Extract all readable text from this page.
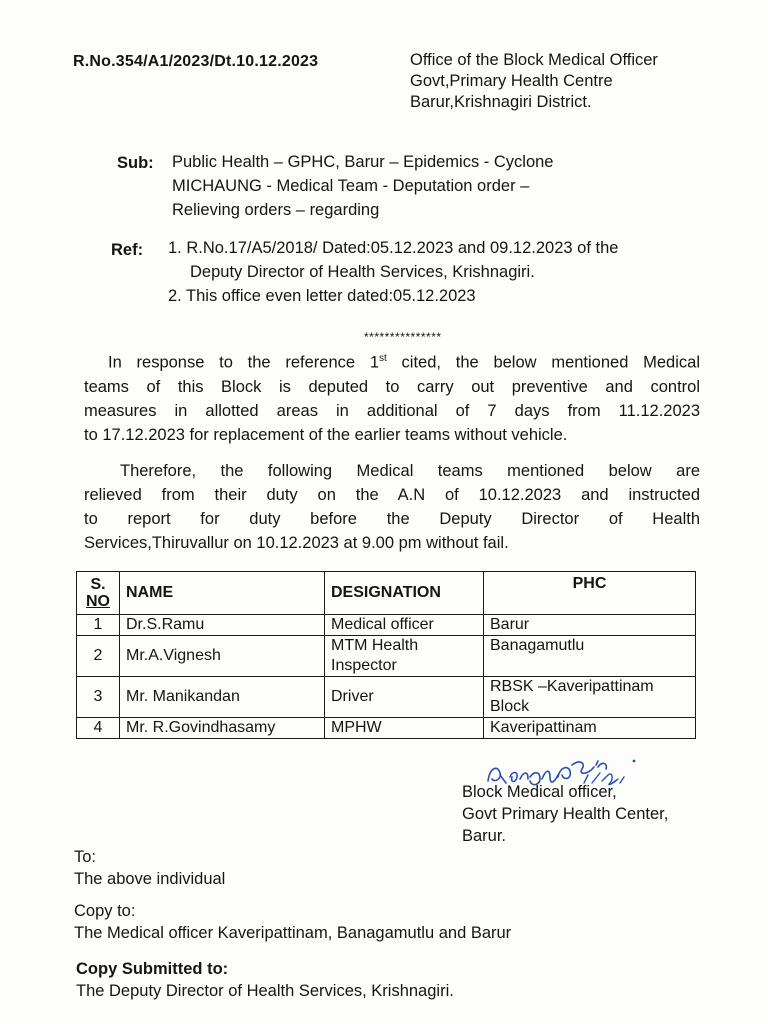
R.No.354/A1/2023/Dt.10.12.2023	Office of the Block Medical Officer
Govt,Primary Health Centre
Barur,Krishnagiri District.
Sub: Public Health – GPHC, Barur – Epidemics - Cyclone
MICHAUNG - Medical Team - Deputation order –
Relieving orders – regarding
Ref: 1. R.No.17/A5/2018/ Dated:05.12.2023 and 09.12.2023 of the
Deputy Director of Health Services, Krishnagiri.
2. This office even letter dated:05.12.2023
***************
In response to the reference 1st cited, the below mentioned Medical
teams of this Block is deputed to carry out preventive and control
measures in allotted areas in additional of 7 days from 11.12.2023
to 17.12.2023 for replacement of the earlier teams without vehicle.
Therefore, the following Medical teams mentioned below are
relieved from their duty on the A.N of 10.12.2023 and instructed
to report for duty before the Deputy Director of Health
Services,Thiruvallur on 10.12.2023 at 9.00 pm without fail.
S.
NO	NAME	DESIGNATION	PHC
1	Dr.S.Ramu	Medical officer	Barur
2	Mr.A.Vignesh	MTM Health
Inspector	Banagamutlu
3	Mr. Manikandan	Driver	RBSK –Kaveripattinam
Block

4	Mr. R.Govindhasamy	MPHW	Kaveripattinam
Block Medical officer,
Govt Primary Health Center,
Barur.
To:
The above individual
Copy to:
The Medical officer Kaveripattinam, Banagamutlu and Barur
Copy Submitted to:
The Deputy Director of Health Services, Krishnagiri.
